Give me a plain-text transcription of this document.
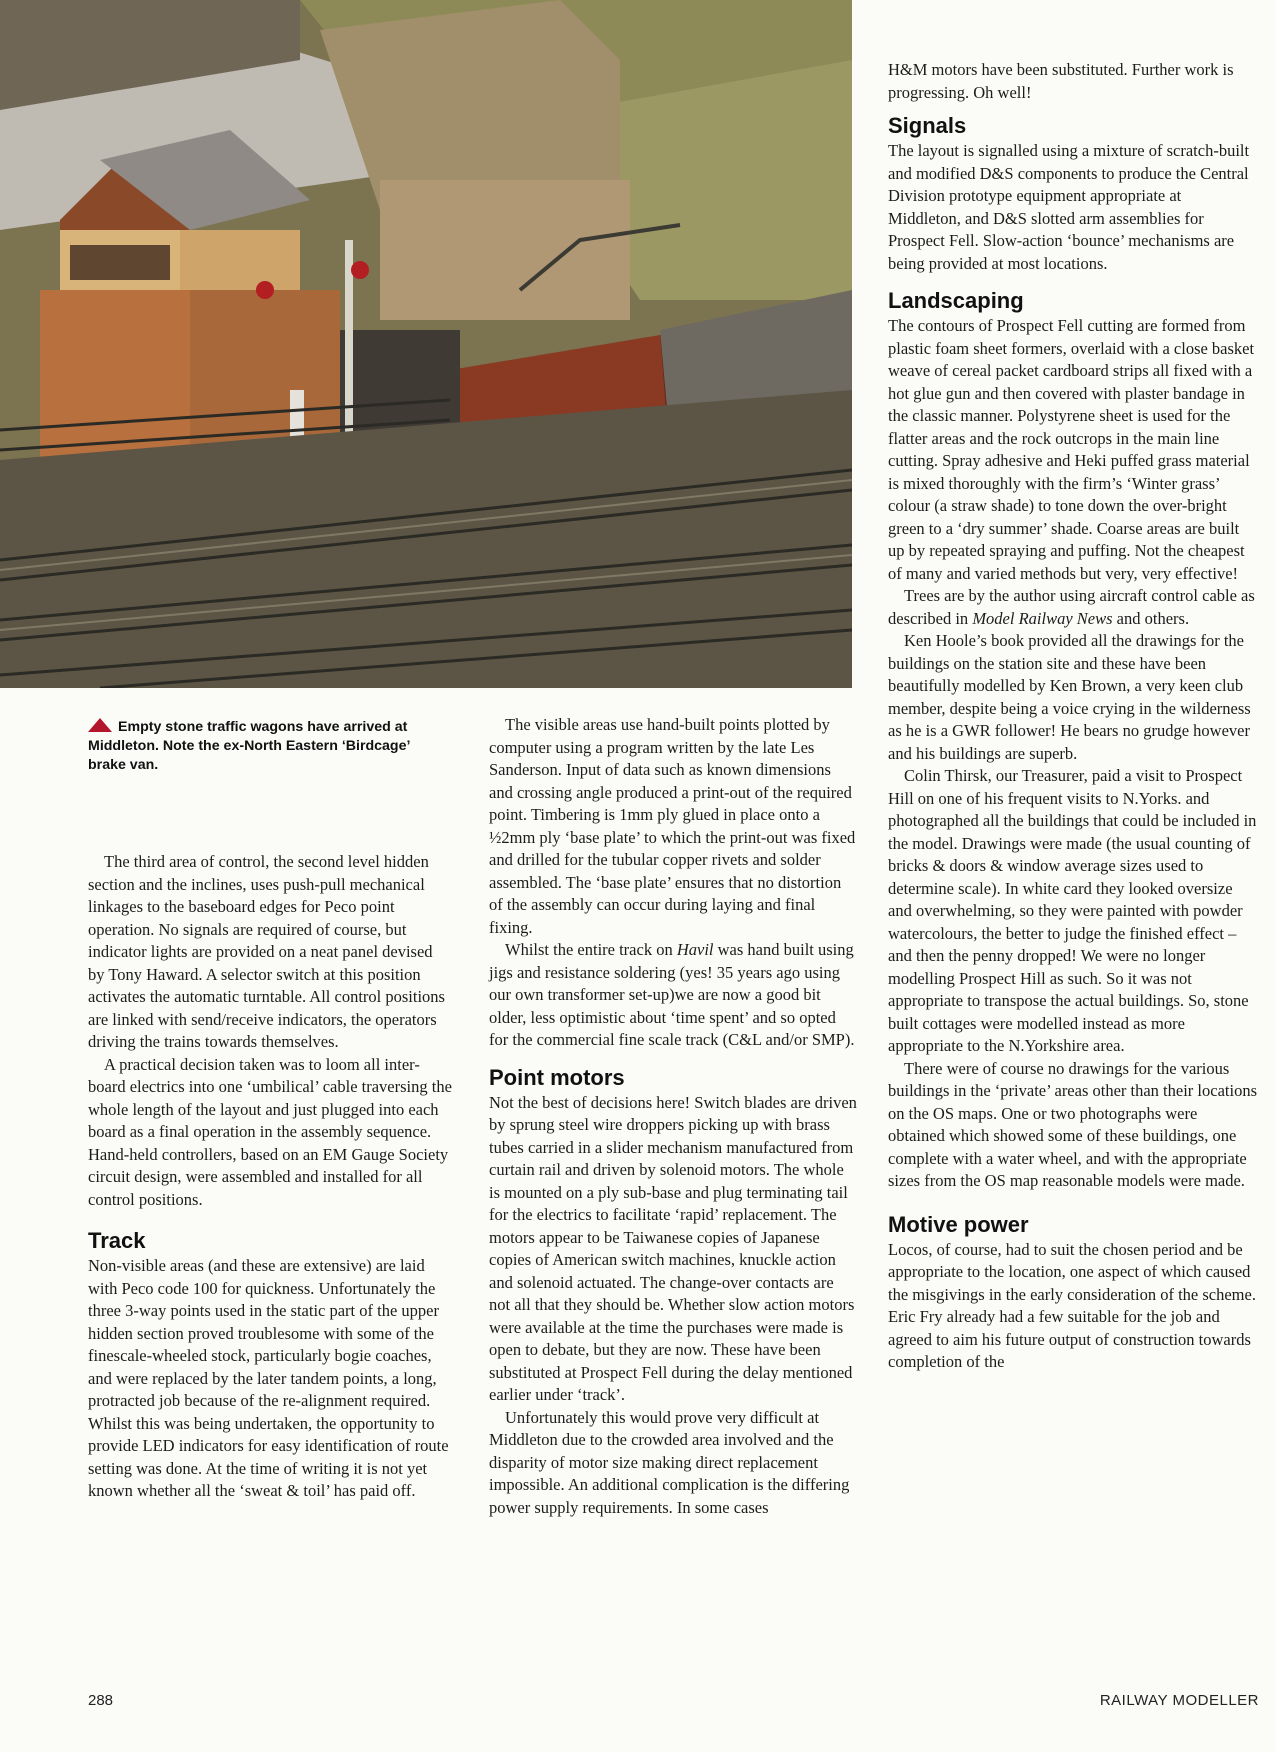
Empty stone traffic wagons have arrived at Middleton. Note the ex-North Eastern ‘Birdcage’ brake van.

The third area of control, the second level hidden section and the inclines, uses push-pull mechanical linkages to the baseboard edges for Peco point operation. No signals are required of course, but indicator lights are provided on a neat panel devised by Tony Haward. A selector switch at this position activates the automatic turntable. All control positions are linked with send/receive indicators, the operators driving the trains towards themselves.

A practical decision taken was to loom all inter-board electrics into one ‘umbilical’ cable traversing the whole length of the layout and just plugged into each board as a final operation in the assembly sequence. Hand-held controllers, based on an EM Gauge Society circuit design, were assembled and installed for all control positions.

Track

Non-visible areas (and these are extensive) are laid with Peco code 100 for quickness. Unfortunately the three 3-way points used in the static part of the upper hidden section proved troublesome with some of the finescale-wheeled stock, particularly bogie coaches, and were replaced by the later tandem points, a long, protracted job because of the re-alignment required. Whilst this was being undertaken, the opportunity to provide LED indicators for easy identification of route setting was done. At the time of writing it is not yet known whether all the ‘sweat & toil’ has paid off.

The visible areas use hand-built points plotted by computer using a program written by the late Les Sanderson. Input of data such as known dimensions and crossing angle produced a print-out of the required point. Timbering is 1mm ply glued in place onto a ½2mm ply ‘base plate’ to which the print-out was fixed and drilled for the tubular copper rivets and solder assembled. The ‘base plate’ ensures that no distortion of the assembly can occur during laying and final fixing.

Whilst the entire track on Havil was hand built using jigs and resistance soldering (yes! 35 years ago using our own transformer set-up)we are now a good bit older, less optimistic about ‘time spent’ and so opted for the commercial fine scale track (C&L and/or SMP).

Point motors

Not the best of decisions here! Switch blades are driven by sprung steel wire droppers picking up with brass tubes carried in a slider mechanism manufactured from curtain rail and driven by solenoid motors. The whole is mounted on a ply sub-base and plug terminating tail for the electrics to facilitate ‘rapid’ replacement. The motors appear to be Taiwanese copies of Japanese copies of American switch machines, knuckle action and solenoid actuated. The change-over contacts are not all that they should be. Whether slow action motors were available at the time the purchases were made is open to debate, but they are now. These have been substituted at Prospect Fell during the delay mentioned earlier under ‘track’.

Unfortunately this would prove very difficult at Middleton due to the crowded area involved and the disparity of motor size making direct replacement impossible. An additional complication is the differing power supply requirements. In some cases

H&M motors have been substituted. Further work is progressing. Oh well!

Signals

The layout is signalled using a mixture of scratch-built and modified D&S components to produce the Central Division prototype equipment appropriate at Middleton, and D&S slotted arm assemblies for Prospect Fell. Slow-action ‘bounce’ mechanisms are being provided at most locations.

Landscaping

The contours of Prospect Fell cutting are formed from plastic foam sheet formers, overlaid with a close basket weave of cereal packet cardboard strips all fixed with a hot glue gun and then covered with plaster bandage in the classic manner. Polystyrene sheet is used for the flatter areas and the rock outcrops in the main line cutting. Spray adhesive and Heki puffed grass material is mixed thoroughly with the firm’s ‘Winter grass’ colour (a straw shade) to tone down the over-bright green to a ‘dry summer’ shade. Coarse areas are built up by repeated spraying and puffing. Not the cheapest of many and varied methods but very, very effective!

Trees are by the author using aircraft control cable as described in Model Railway News and others.

Ken Hoole’s book provided all the drawings for the buildings on the station site and these have been beautifully modelled by Ken Brown, a very keen club member, despite being a voice crying in the wilderness as he is a GWR follower! He bears no grudge however and his buildings are superb.

Colin Thirsk, our Treasurer, paid a visit to Prospect Hill on one of his frequent visits to N.Yorks. and photographed all the buildings that could be included in the model. Drawings were made (the usual counting of bricks & doors & window average sizes used to determine scale). In white card they looked oversize and overwhelming, so they were painted with powder watercolours, the better to judge the finished effect – and then the penny dropped! We were no longer modelling Prospect Hill as such. So it was not appropriate to transpose the actual buildings. So, stone built cottages were modelled instead as more appropriate to the N.Yorkshire area.

There were of course no drawings for the various buildings in the ‘private’ areas other than their locations on the OS maps. One or two photographs were obtained which showed some of these buildings, one complete with a water wheel, and with the appropriate sizes from the OS map reasonable models were made.

Motive power

Locos, of course, had to suit the chosen period and be appropriate to the location, one aspect of which caused the misgivings in the early consideration of the scheme. Eric Fry already had a few suitable for the job and agreed to aim his future output of construction towards completion of the

288	RAILWAY MODELLER
